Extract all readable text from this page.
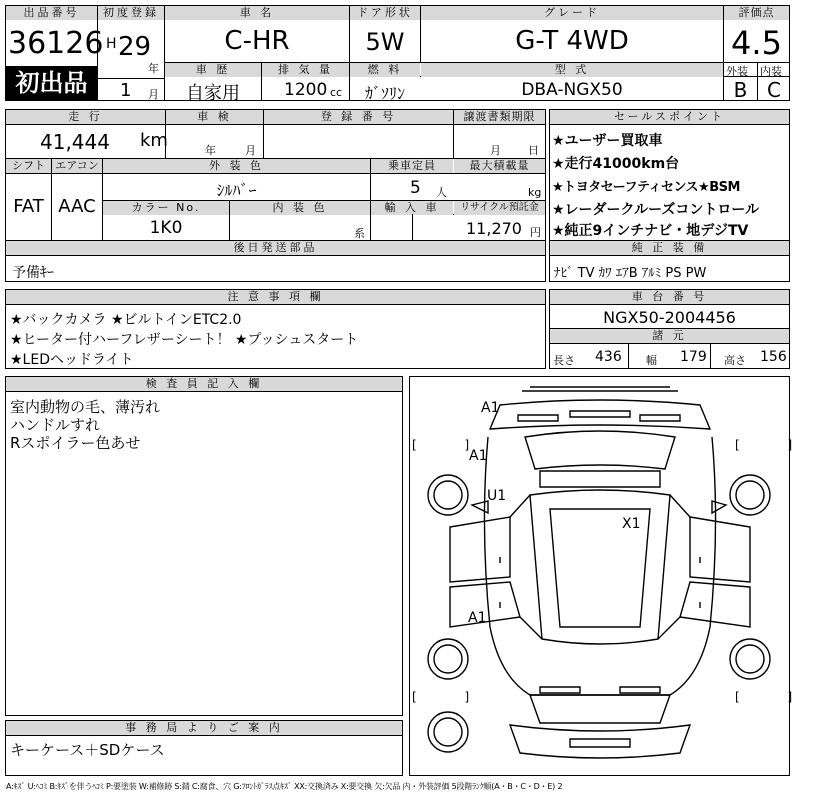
出品番号
36126
初出品
初度登録
H 29
年
1 月
車 名
C-HR
ドア形状
5W
グレード
G-T 4WD
評価点
4.5
車 歴
自家用
排 気 量
1200 cc
燃 料
ｶﾞｿﾘﾝ
型 式
DBA-NGX50
外装 内装
B C
走 行
41,444 km
車 検
年	月
登 録 番 号	譲渡書類期限
月 日
シフト エアコン
FAT AAC
外 装 色
ｼﾙﾊﾞｰ
乗車定員
5 人
最大積載量
kg
カラー No.
1K0
内 装 色
系
輸 入 車	リサイクル預託金
11,270 円
後日発送部品
予備ｷｰ
セールスポイント
★ユーザー買取車
★走行41000km台
★トヨタセーフティセンス★BSM
★レーダークルーズコントロール
★純正9インチナビ・地デジTV
純 正 装 備
ﾅﾋﾞ TV ｶﾜ ｴｱB ｱﾙﾐ PS PW
注 意 事 項 欄
★バックカメラ ★ビルトインETC2.0
★ヒーター付ハーフレザーシート！ ★プッシュスタート
★LEDヘッドライト
車 台 番 号
NGX50-2004456
諸 元
長さ 436 幅 179 高さ 156
検 査 員 記 入 欄
室内動物の毛、薄汚れ
ハンドルすれ
Rスポイラー色あせ
事 務 局 よ り ご 案 内
キーケース＋SDケース
[ ]	[ ]
[ ]	[ ]
A1
A1
U1
X1
A1
A:ｷｽﾞ U:ﾍｺﾐ B:ｷｽﾞを伴うﾍｺﾐ P:要塗装 W:補修跡 S:錆 C:腐食、穴 G:ﾌﾛﾝﾄｶﾞﾗｽ点ｷｽﾞ XX:交換済み X:要交換 欠:欠品 内・外装評価 5段階ﾗﾝｸ順(A・B・C・D・E) 2
